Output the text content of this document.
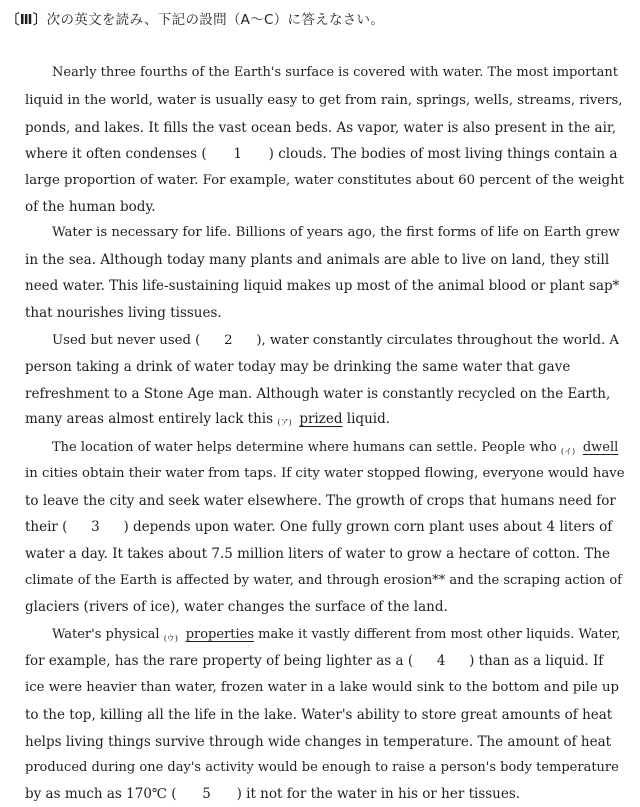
〔Ⅲ〕次の英文を読み、下記の設問（A～C）に答えなさい。
Nearly three fourths of the Earth's surface is covered with water. The most important
liquid in the world, water is usually easy to get from rain, springs, wells, streams, rivers,
ponds, and lakes. It fills the vast ocean beds. As vapor, water is also present in the air,
where it often condenses ( 1 ) clouds. The bodies of most living things contain a
large proportion of water. For example, water constitutes about 60 percent of the weight
of the human body.
Water is necessary for life. Billions of years ago, the first forms of life on Earth grew
in the sea. Although today many plants and animals are able to live on land, they still
need water. This life-sustaining liquid makes up most of the animal blood or plant sap*
that nourishes living tissues.
Used but never used ( 2 ), water constantly circulates throughout the world. A
person taking a drink of water today may be drinking the same water that gave
refreshment to a Stone Age man. Although water is constantly recycled on the Earth,
many areas almost entirely lack this (ア) prized liquid.
The location of water helps determine where humans can settle. People who (イ) dwell
in cities obtain their water from taps. If city water stopped flowing, everyone would have
to leave the city and seek water elsewhere. The growth of crops that humans need for
their ( 3 ) depends upon water. One fully grown corn plant uses about 4 liters of
water a day. It takes about 7.5 million liters of water to grow a hectare of cotton. The
climate of the Earth is affected by water, and through erosion** and the scraping action of
glaciers (rivers of ice), water changes the surface of the land.
Water's physical (ウ) properties make it vastly different from most other liquids. Water,
for example, has the rare property of being lighter as a ( 4 ) than as a liquid. If
ice were heavier than water, frozen water in a lake would sink to the bottom and pile up
to the top, killing all the life in the lake. Water's ability to store great amounts of heat
helps living things survive through wide changes in temperature. The amount of heat
produced during one day's activity would be enough to raise a person's body temperature
by as much as 170℃ ( 5 ) it not for the water in his or her tissues.
